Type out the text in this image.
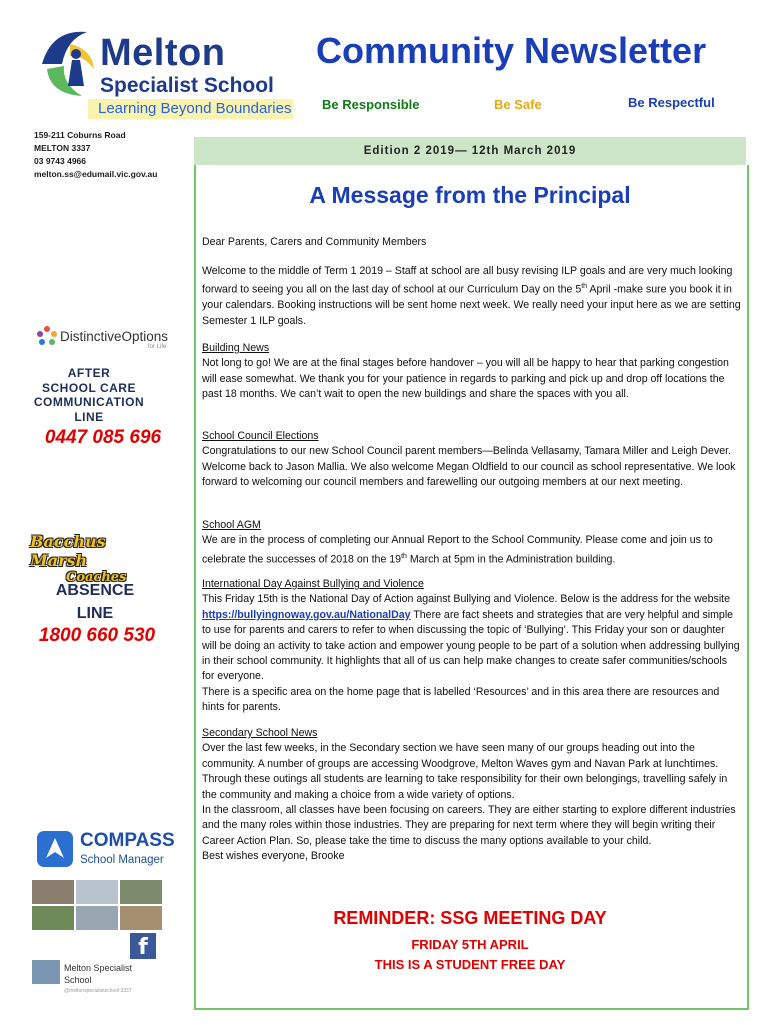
Melton
Specialist School
Learning Beyond Boundaries
Community Newsletter
Be Responsible	Be Safe	Be Respectful
159-211 Coburns Road
MELTON 3337
03 9743 4966
melton.ss@edumail.vic.gov.au
Edition 2 2019— 12th March 2019
A Message from the Principal
Dear Parents, Carers and Community Members

Welcome to the middle of Term 1 2019 – Staff at school are all busy revising ILP goals and are very much looking forward to seeing you all on the last day of school at our Curriculum Day on the 5th April -make sure you book it in your calendars. Booking instructions will be sent home next week. We really need your input here as we are setting Semester 1 ILP goals.

Building News

Not long to go! We are at the final stages before handover – you will all be happy to hear that parking congestion will ease somewhat. We thank you for your patience in regards to parking and pick up and drop off locations the past 18 months. We can’t wait to open the new buildings and share the spaces with you all.

School Council Elections

Congratulations to our new School Council parent members—Belinda Vellasamy, Tamara Miller and Leigh Dever. Welcome back to Jason Mallia. We also welcome Megan Oldfield to our council as school representative. We look forward to welcoming our council members and farewelling our outgoing members at our next meeting.

School AGM

We are in the process of completing our Annual Report to the School Community. Please come and join us to celebrate the successes of 2018 on the 19th March at 5pm in the Administration building.

International Day Against Bullying and Violence

This Friday 15th is the National Day of Action against Bullying and Violence. Below is the address for the website https://bullyingnoway.gov.au/NationalDay There are fact sheets and strategies that are very helpful and simple to use for parents and carers to refer to when discussing the topic of ‘Bullying’. This Friday your son or daughter will be doing an activity to take action and empower young people to be part of a solution when addressing bullying in their school community. It highlights that all of us can help make changes to create safer communities/schools for everyone.

There is a specific area on the home page that is labelled ‘Resources’ and in this area there are resources and hints for parents.

Secondary School News

Over the last few weeks, in the Secondary section we have seen many of our groups heading out into the community. A number of groups are accessing Woodgrove, Melton Waves gym and Navan Park at lunchtimes. Through these outings all students are learning to take responsibility for their own belongings, travelling safely in the community and making a choice from a wide variety of options.

In the classroom, all classes have been focusing on careers. They are either starting to explore different industries and the many roles within those industries. They are preparing for next term where they will begin writing their Career Action Plan. So, please take the time to discuss the many options available to your child.

Best wishes everyone, Brooke

REMINDER: SSG MEETING DAY
FRIDAY 5TH APRIL
THIS IS A STUDENT FREE DAY
DistinctiveOptions
for Life
AFTER
SCHOOL CARE
COMMUNICATION
LINE
0447 085 696
Bacchus Marsh
Coaches
ABSENCE
LINE
1800 660 530
COMPASS
School Manager
f
Melton Specialist
School
@meltonspecialistschool 3337
